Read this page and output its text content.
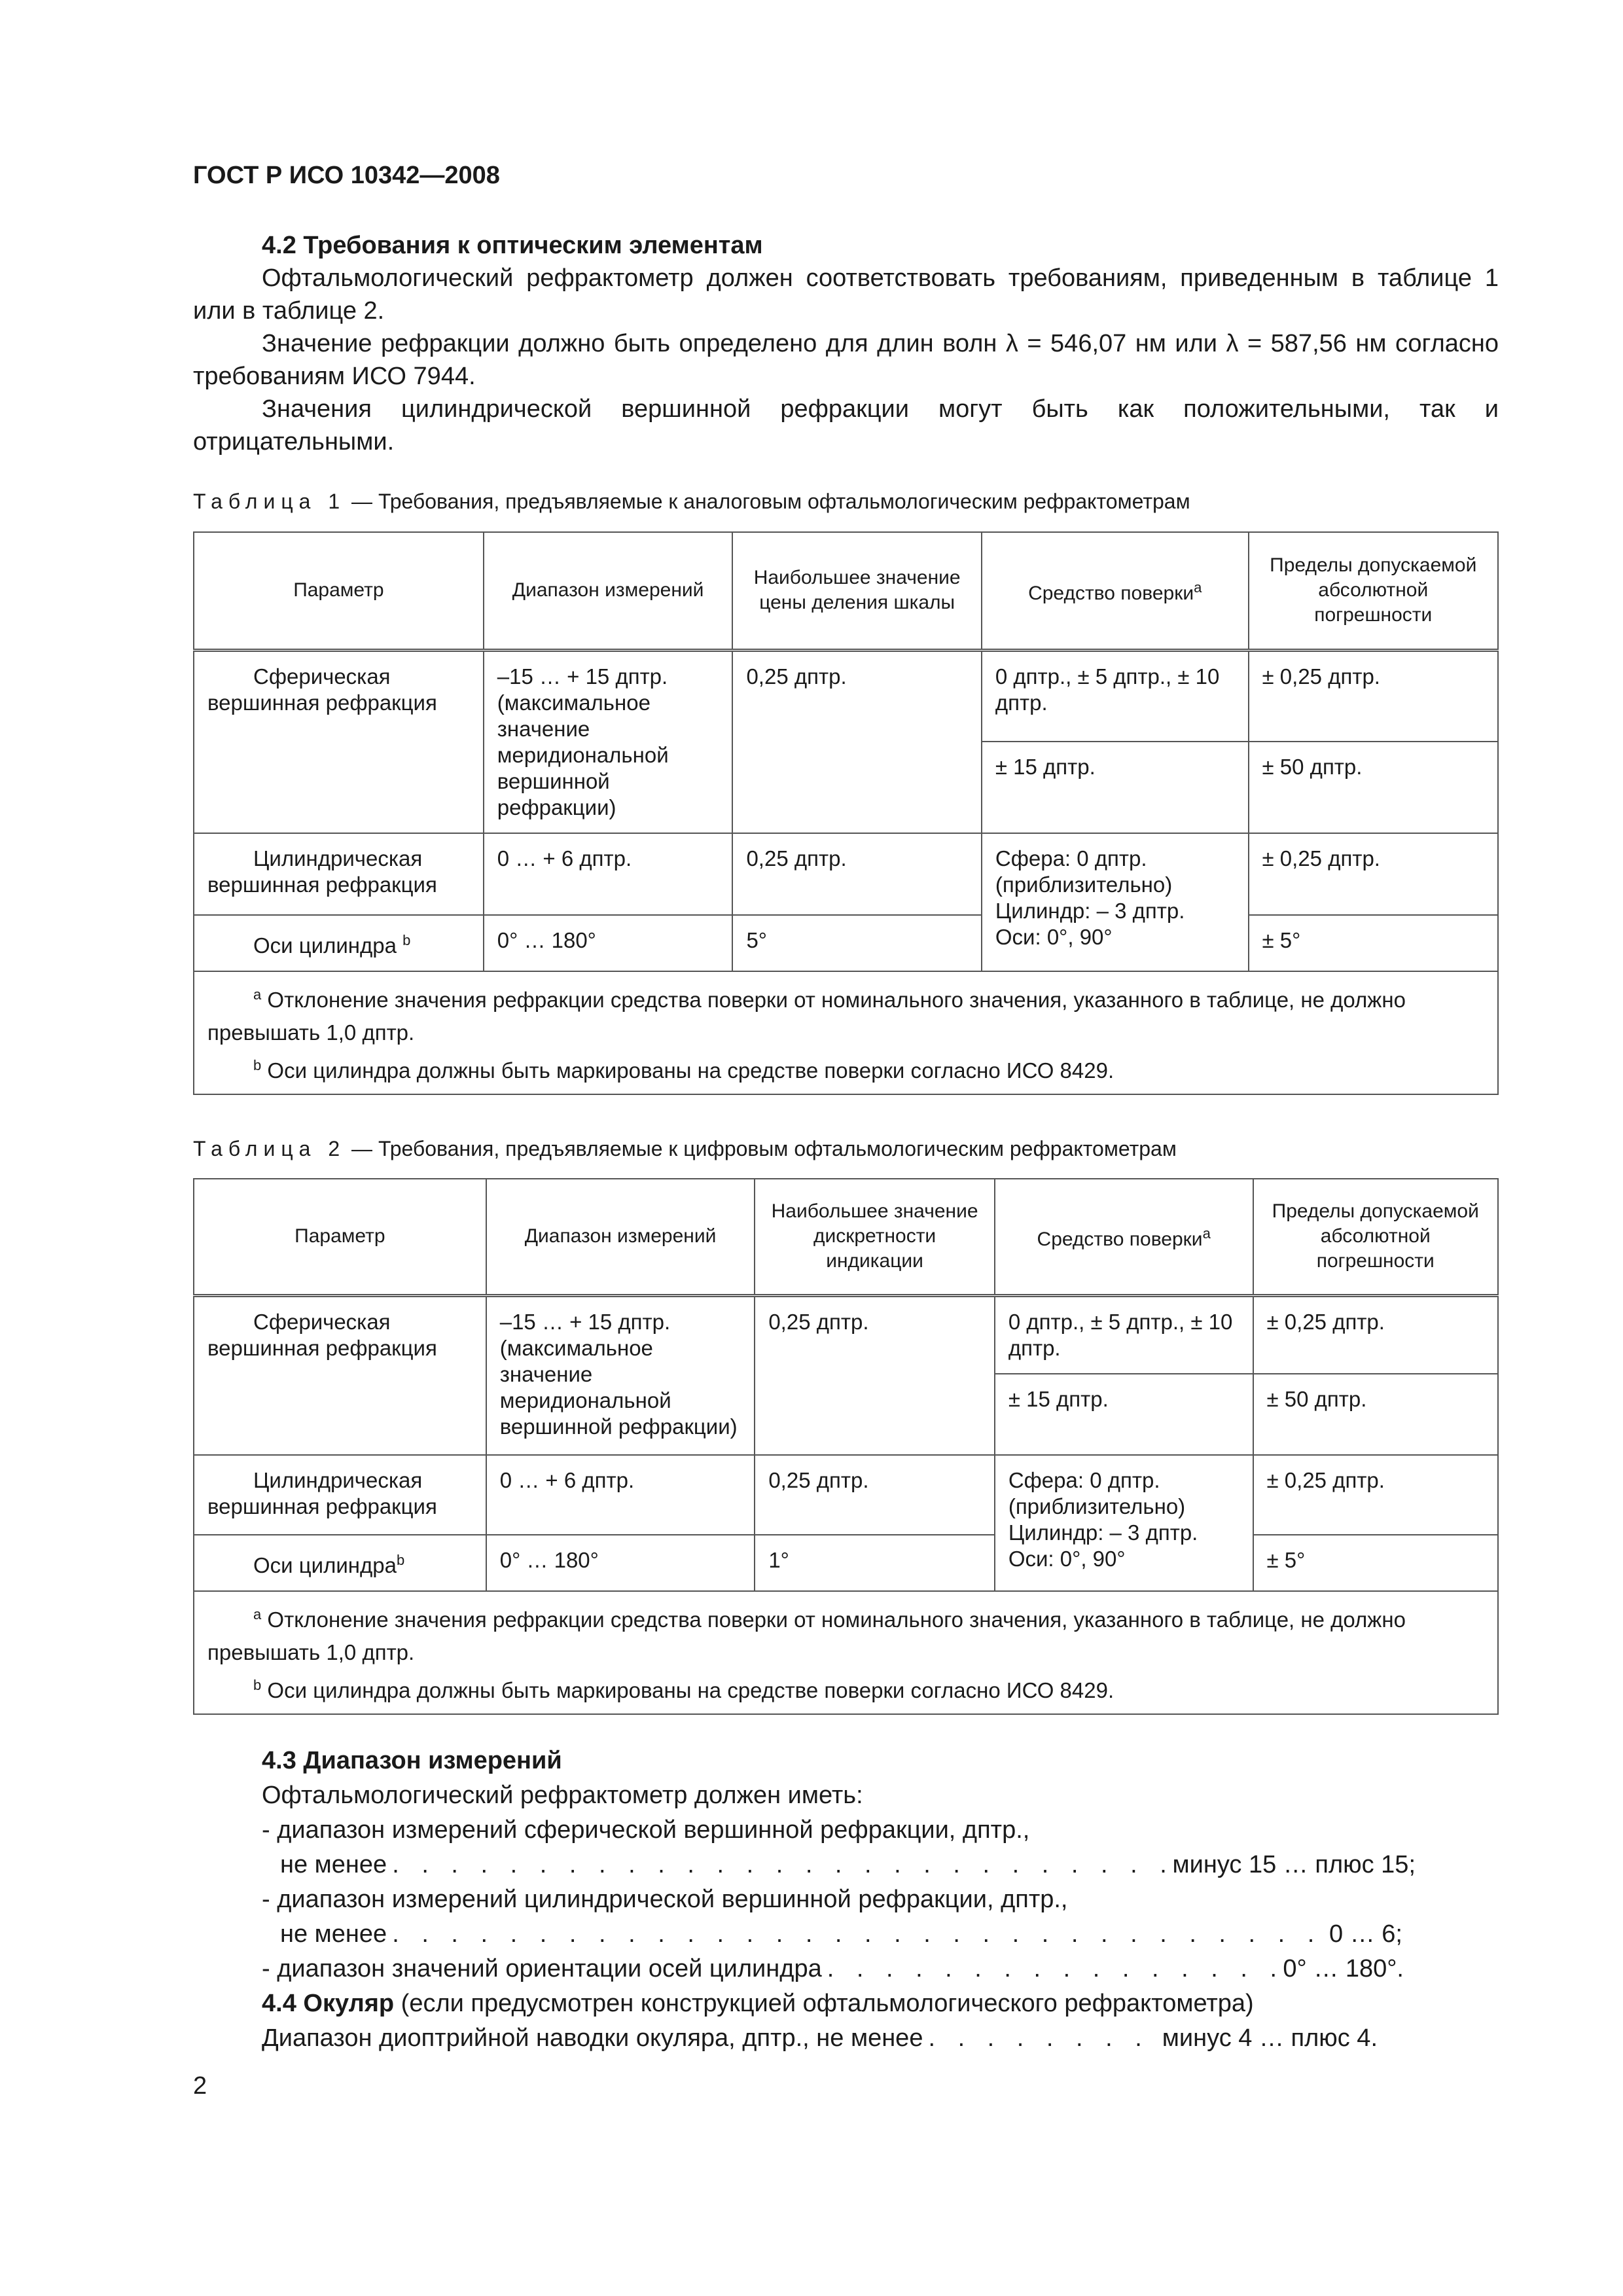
ГОСТ Р ИСО 10342—2008
4.2 Требования к оптическим элементам

Офтальмологический рефрактометр должен соответствовать требованиям, приведенным в таблице 1 или в таблице 2.

Значение рефракции должно быть определено для длин волн λ = 546,07 нм или λ = 587,56 нм согласно требованиям ИСО 7944.

Значения цилиндрической вершинной рефракции могут быть как положительными, так и отрицательными.

Таблица 1 — Требования, предъявляемые к аналоговым офтальмологическим рефрактометрам
Параметр	Диапазон измерений	Наибольшее значение цены деления шкалы	Средство поверки$^a$	Пределы допускаемой абсолютной погрешности
Сферическая вершинная рефракция	–15 … + 15 дптр. (максимальное значение меридиональной вершинной рефракции)	0,25 дптр.	0 дптр., ± 5 дптр., ± 10 дптр.	± 0,25 дптр.
			± 15 дптр.	± 50 дптр.
Цилиндрическая вершинная рефракция	0 … + 6 дптр.	0,25 дптр.	Сфера: 0 дптр. (приблизительно) Цилиндр: – 3 дптр. Оси: 0°, 90°	± 0,25 дптр.
Оси цилиндра $^b$	0° … 180°	5°		± 5°

$^a$ Отклонение значения рефракции средства поверки от номинального значения, указанного в таблице, не должно превышать 1,0 дптр.
$^b$ Оси цилиндра должны быть маркированы на средстве поверки согласно ИСО 8429.				
Таблица 2 — Требования, предъявляемые к цифровым офтальмологическим рефрактометрам
Параметр	Диапазон измерений	Наибольшее значение дискретности индикации	Средство поверки$^a$	Пределы допускаемой абсолютной погрешности
Сферическая вершинная рефракция	–15 … + 15 дптр. (максимальное значение меридиональной вершинной рефракции)	0,25 дптр.	0 дптр., ± 5 дптр., ± 10 дптр.	± 0,25 дптр.
			± 15 дптр.	± 50 дптр.
Цилиндрическая вершинная рефракция	0 … + 6 дптр.	0,25 дптр.	Сфера: 0 дптр. (приблизительно) Цилиндр: – 3 дптр. Оси: 0°, 90°	± 0,25 дптр.
Оси цилиндра$^b$	0° … 180°	1°		± 5°

$^a$ Отклонение значения рефракции средства поверки от номинального значения, указанного в таблице, не должно превышать 1,0 дптр.
$^b$ Оси цилиндра должны быть маркированы на средстве поверки согласно ИСО 8429.				
4.3 Диапазон измерений
Офтальмологический рефрактометр должен иметь:
- диапазон измерений сферической вершинной рефракции, дптр.,
не менее . . .	минус 15 … плюс 15;
- диапазон измерений цилиндрической вершинной рефракции, дптр.,
не менее . . .	0 … 6;
- диапазон значений ориентации осей цилиндра . . .	0° … 180°.
4.4 Окуляр (если предусмотрен конструкцией офтальмологического рефрактометра)
Диапазон диоптрийной наводки окуляра, дптр., не менее . . .	минус 4 … плюс 4.
2
